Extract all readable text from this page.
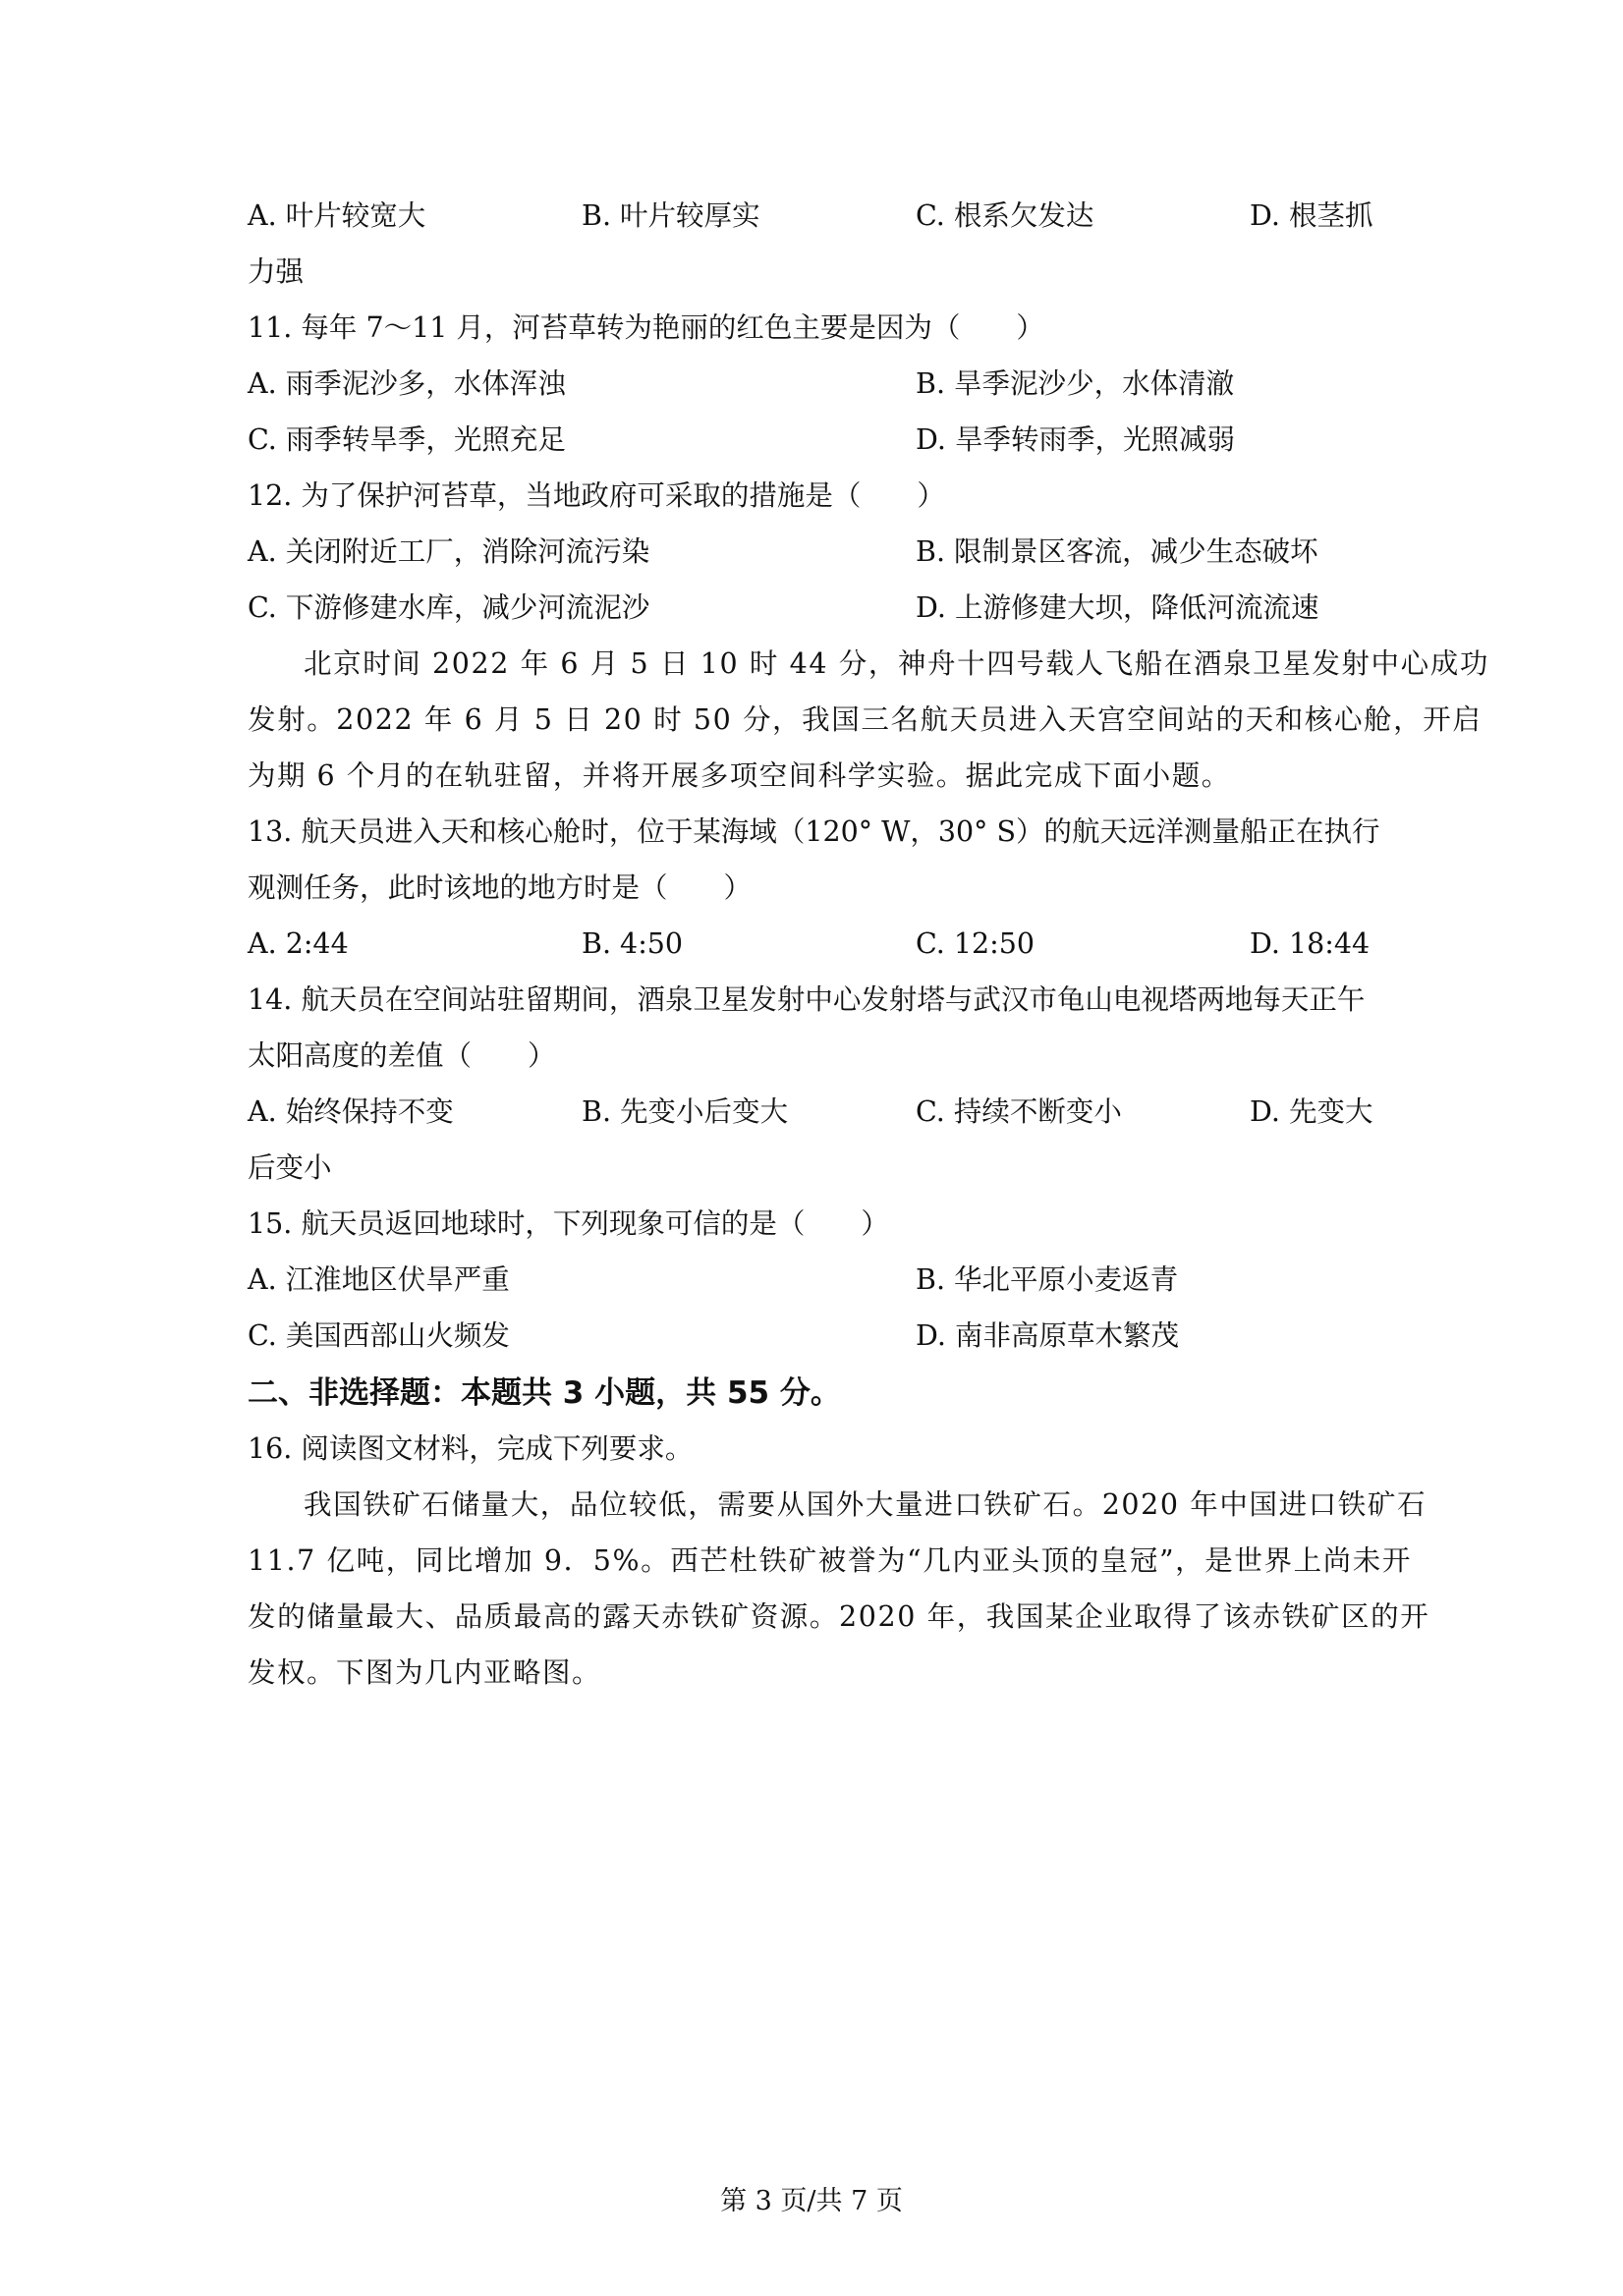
A. 叶片较宽大	B. 叶片较厚实	C. 根系欠发达	D. 根茎抓
力强
11. 每年 7～11 月，河苔草转为艳丽的红色主要是因为（　　）
A. 雨季泥沙多，水体浑浊	B. 旱季泥沙少，水体清澈
C. 雨季转旱季，光照充足	D. 旱季转雨季，光照减弱
12. 为了保护河苔草，当地政府可采取的措施是（　　）
A. 关闭附近工厂，消除河流污染	B. 限制景区客流，减少生态破坏
C. 下游修建水库，减少河流泥沙	D. 上游修建大坝，降低河流流速
北京时间 2022 年 6 月 5 日 10 时 44 分，神舟十四号载人飞船在酒泉卫星发射中心成功
发射。2022 年 6 月 5 日 20 时 50 分，我国三名航天员进入天宫空间站的天和核心舱，开启
为期 6 个月的在轨驻留，并将开展多项空间科学实验。据此完成下面小题。
13. 航天员进入天和核心舱时，位于某海域（120° W，30° S）的航天远洋测量船正在执行
观测任务，此时该地的地方时是（　　）
A. 2:44	B. 4:50	C. 12:50	D. 18:44
14. 航天员在空间站驻留期间，酒泉卫星发射中心发射塔与武汉市龟山电视塔两地每天正午
太阳高度的差值（　　）
A. 始终保持不变	B. 先变小后变大	C. 持续不断变小	D. 先变大
后变小
15. 航天员返回地球时，下列现象可信的是（　　）
A. 江淮地区伏旱严重	B. 华北平原小麦返青
C. 美国西部山火频发	D. 南非高原草木繁茂
二、非选择题：本题共 3 小题，共 55 分。
16. 阅读图文材料，完成下列要求。
我国铁矿石储量大，品位较低，需要从国外大量进口铁矿石。2020 年中国进口铁矿石
11.7 亿吨，同比增加 9．5%。西芒杜铁矿被誉为“几内亚头顶的皇冠”，是世界上尚未开
发的储量最大、品质最高的露天赤铁矿资源。2020 年，我国某企业取得了该赤铁矿区的开
发权。下图为几内亚略图。
第 3 页/共 7 页
